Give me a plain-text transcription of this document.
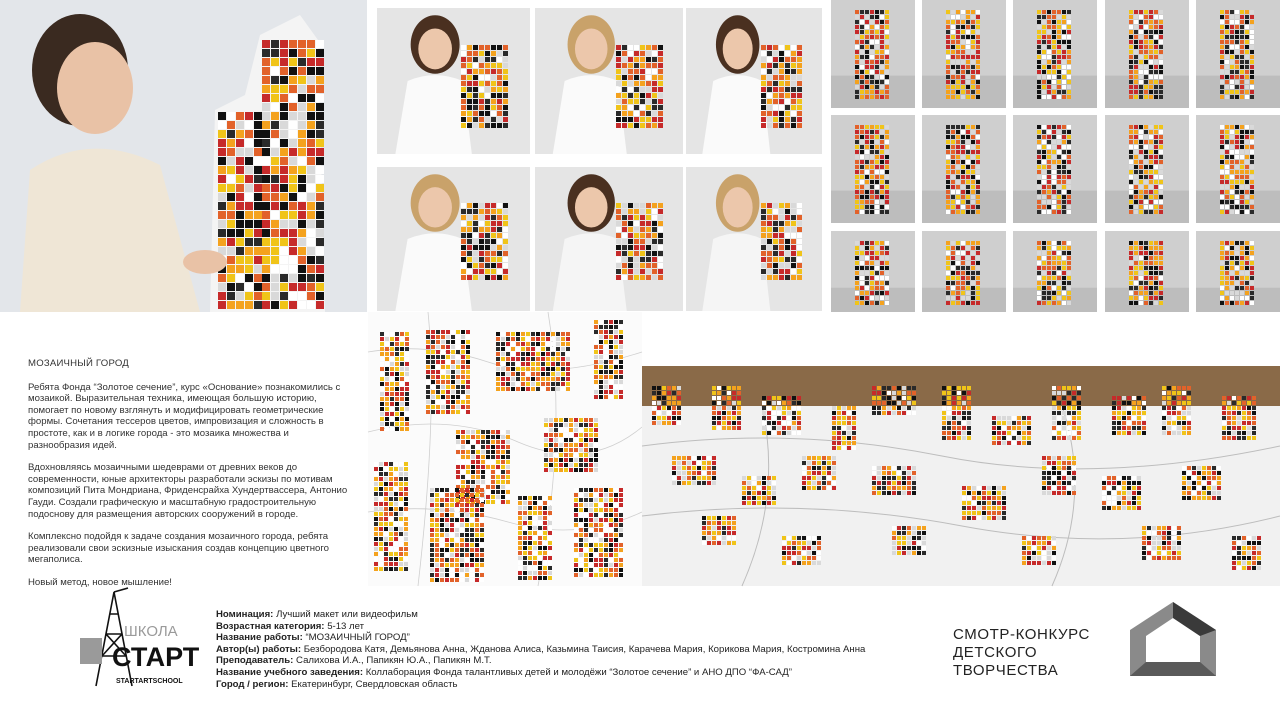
МОЗАИЧНЫЙ ГОРОД

Ребята Фонда “Золотое сечение”, курс «Основание» познакомились с мозаикой. Выразительная техника, имеющая большую историю, помогает по новому взглянуть и модифицировать геометрические формы. Сочетания тессеров цветов, импровизация и сложность в простоте, как и в логике города - это мозаика множества и разнообразия идей.

Вдохновляясь мозаичными шедеврами от древних веков до современности, юные архитекторы разработали эскизы по мотивам композиций Пита Мондриана, Фриденсрайха Хундертвассера, Антонио Гауди. Создали графическую и масштабную градостроительную подоснову для размещения авторских сооружений в городе.

Комплексно подойдя к задаче создания мозаичного города, ребята реализовали свои эскизные изыскания создав концепцию цветного мегаполиса.

Новый метод, новое мышление!

ШКОЛА
СТАРТ
STARTARTSCHOOL
Номинация: Лучший макет или видеофильм
Возрастная категория: 5-13 лет
Название работы: “МОЗАИЧНЫЙ ГОРОД”
Автор(ы) работы: Безбородова Катя, Демьянова Анна, Жданова Алиса, Казьмина Таисия, Карачева Мария, Корикова Мария, Костромина Анна
Преподаватель: Салихова И.А., Папикян Ю.А., Папикян М.Т.
Название учебного заведения: Коллаборация Фонда талантливых детей и молодёжи “Золотое сечение” и АНО ДПО “ФА-САД”
Город / регион: Екатеринбург, Свердловская область
СМОТР-КОНКУРС
ДЕТСКОГО
ТВОРЧЕСТВА
